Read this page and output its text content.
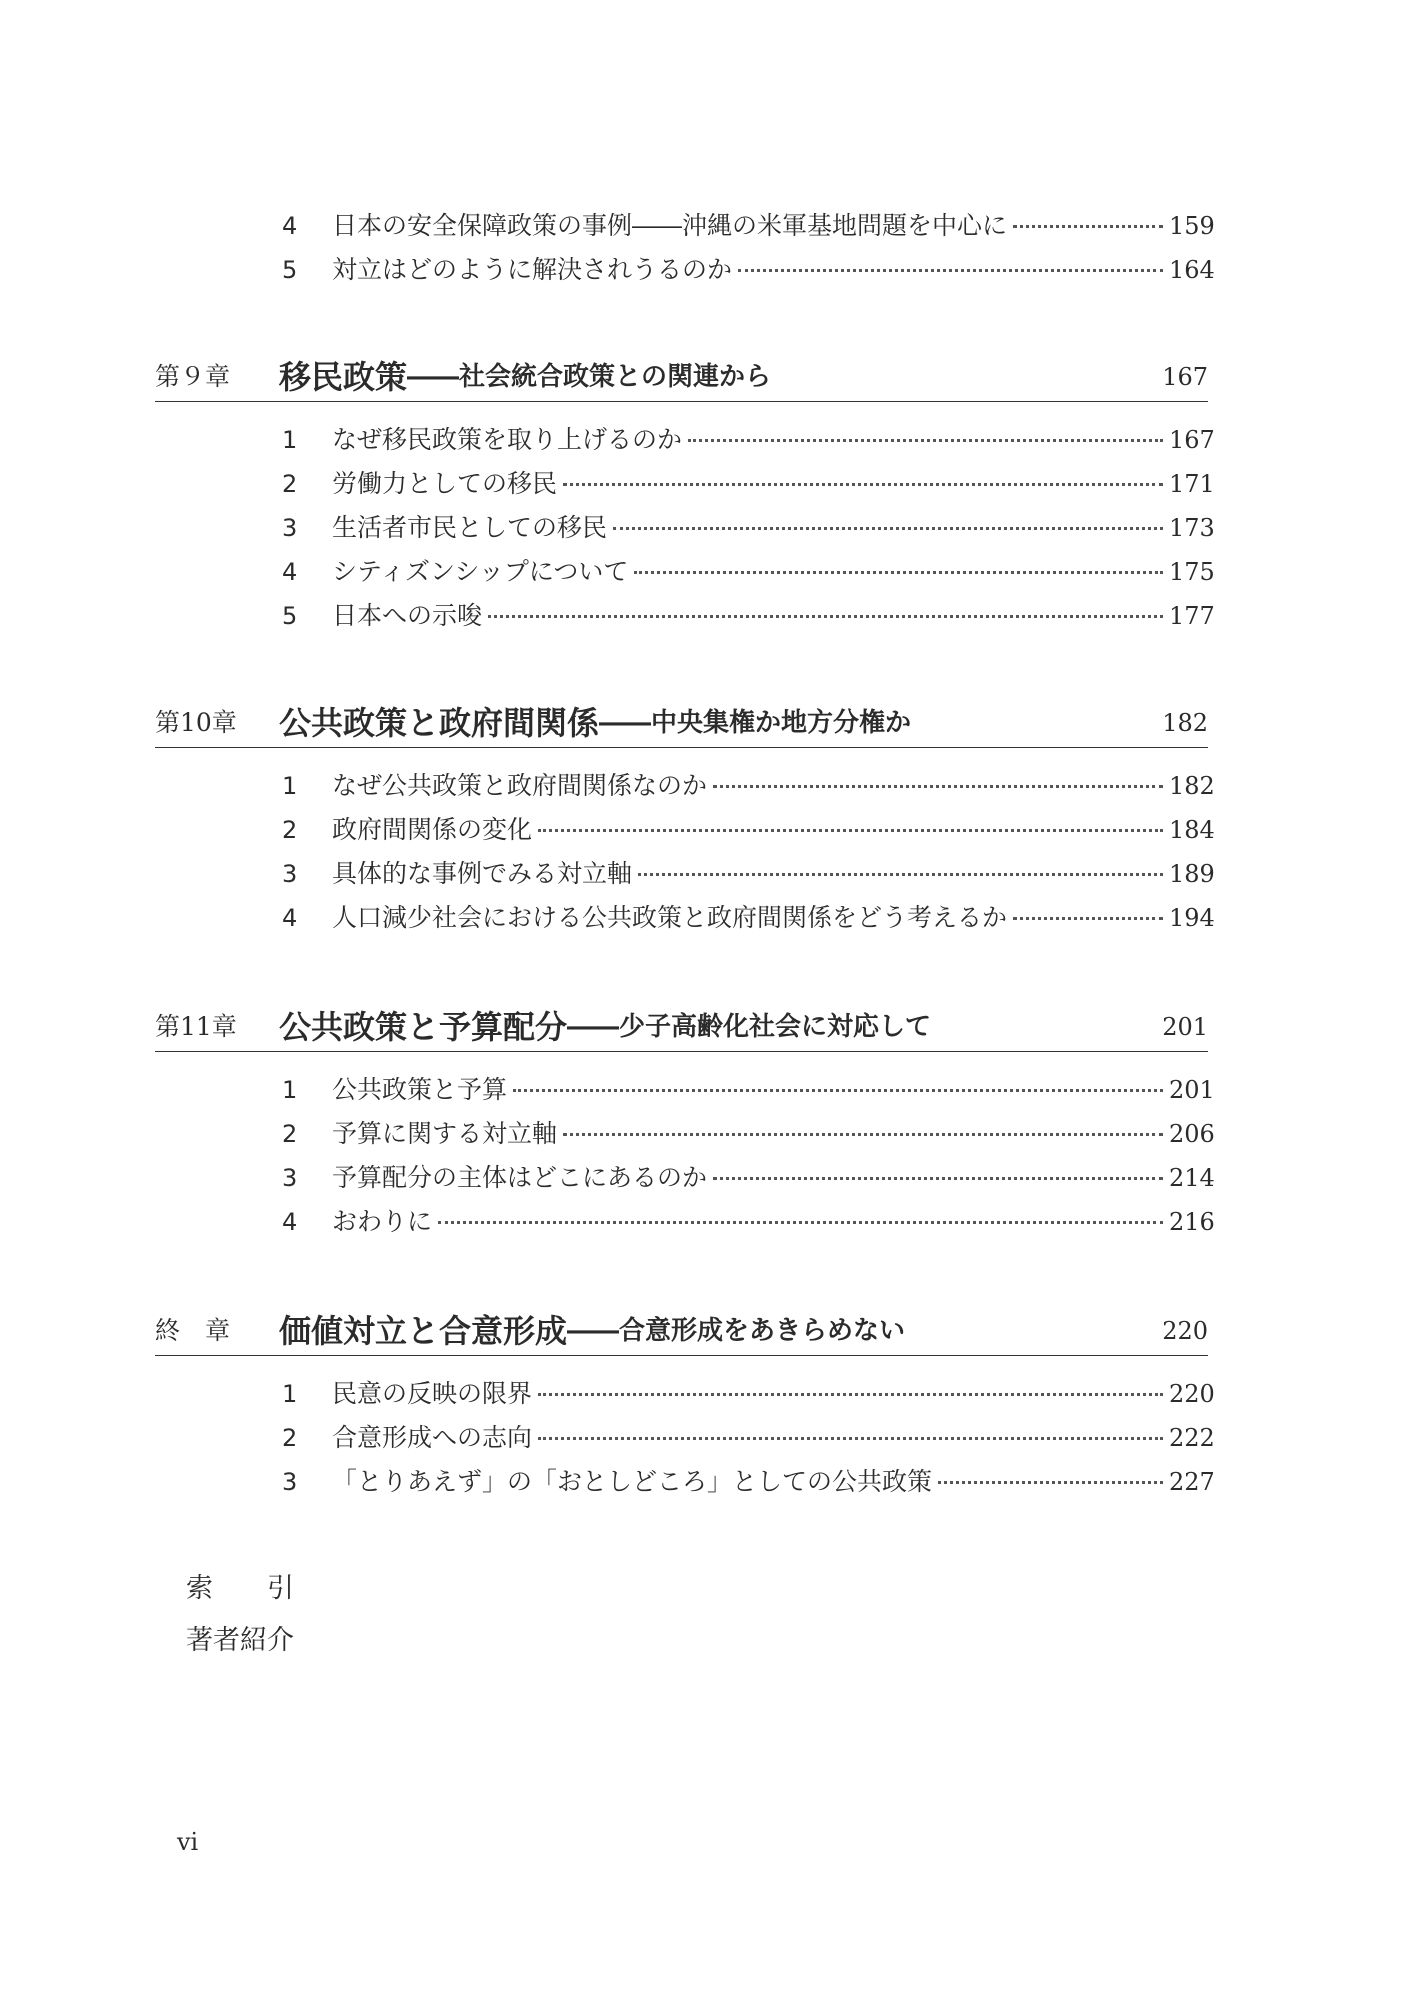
4	日本の安全保障政策の事例――沖縄の米軍基地問題を中心に	159
5	対立はどのように解決されうるのか	164
第９章	移民政策 ――社会統合政策との関連から	167
1	なぜ移民政策を取り上げるのか	167
2	労働力としての移民	171
3	生活者市民としての移民	173
4	シティズンシップについて	175
5	日本への示唆	177
第10章	公共政策と政府間関係 ――中央集権か地方分権か	182
1	なぜ公共政策と政府間関係なのか	182
2	政府間関係の変化	184
3	具体的な事例でみる対立軸	189
4	人口減少社会における公共政策と政府間関係をどう考えるか	194
第11章	公共政策と予算配分 ――少子高齢化社会に対応して	201
1	公共政策と予算	201
2	予算に関する対立軸	206
3	予算配分の主体はどこにあるのか	214
4	おわりに	216
終　章	価値対立と合意形成 ――合意形成をあきらめない	220
1	民意の反映の限界	220
2	合意形成への志向	222
3	「とりあえず」の「おとしどころ」としての公共政策	227
索　　引
著者紹介
vi
